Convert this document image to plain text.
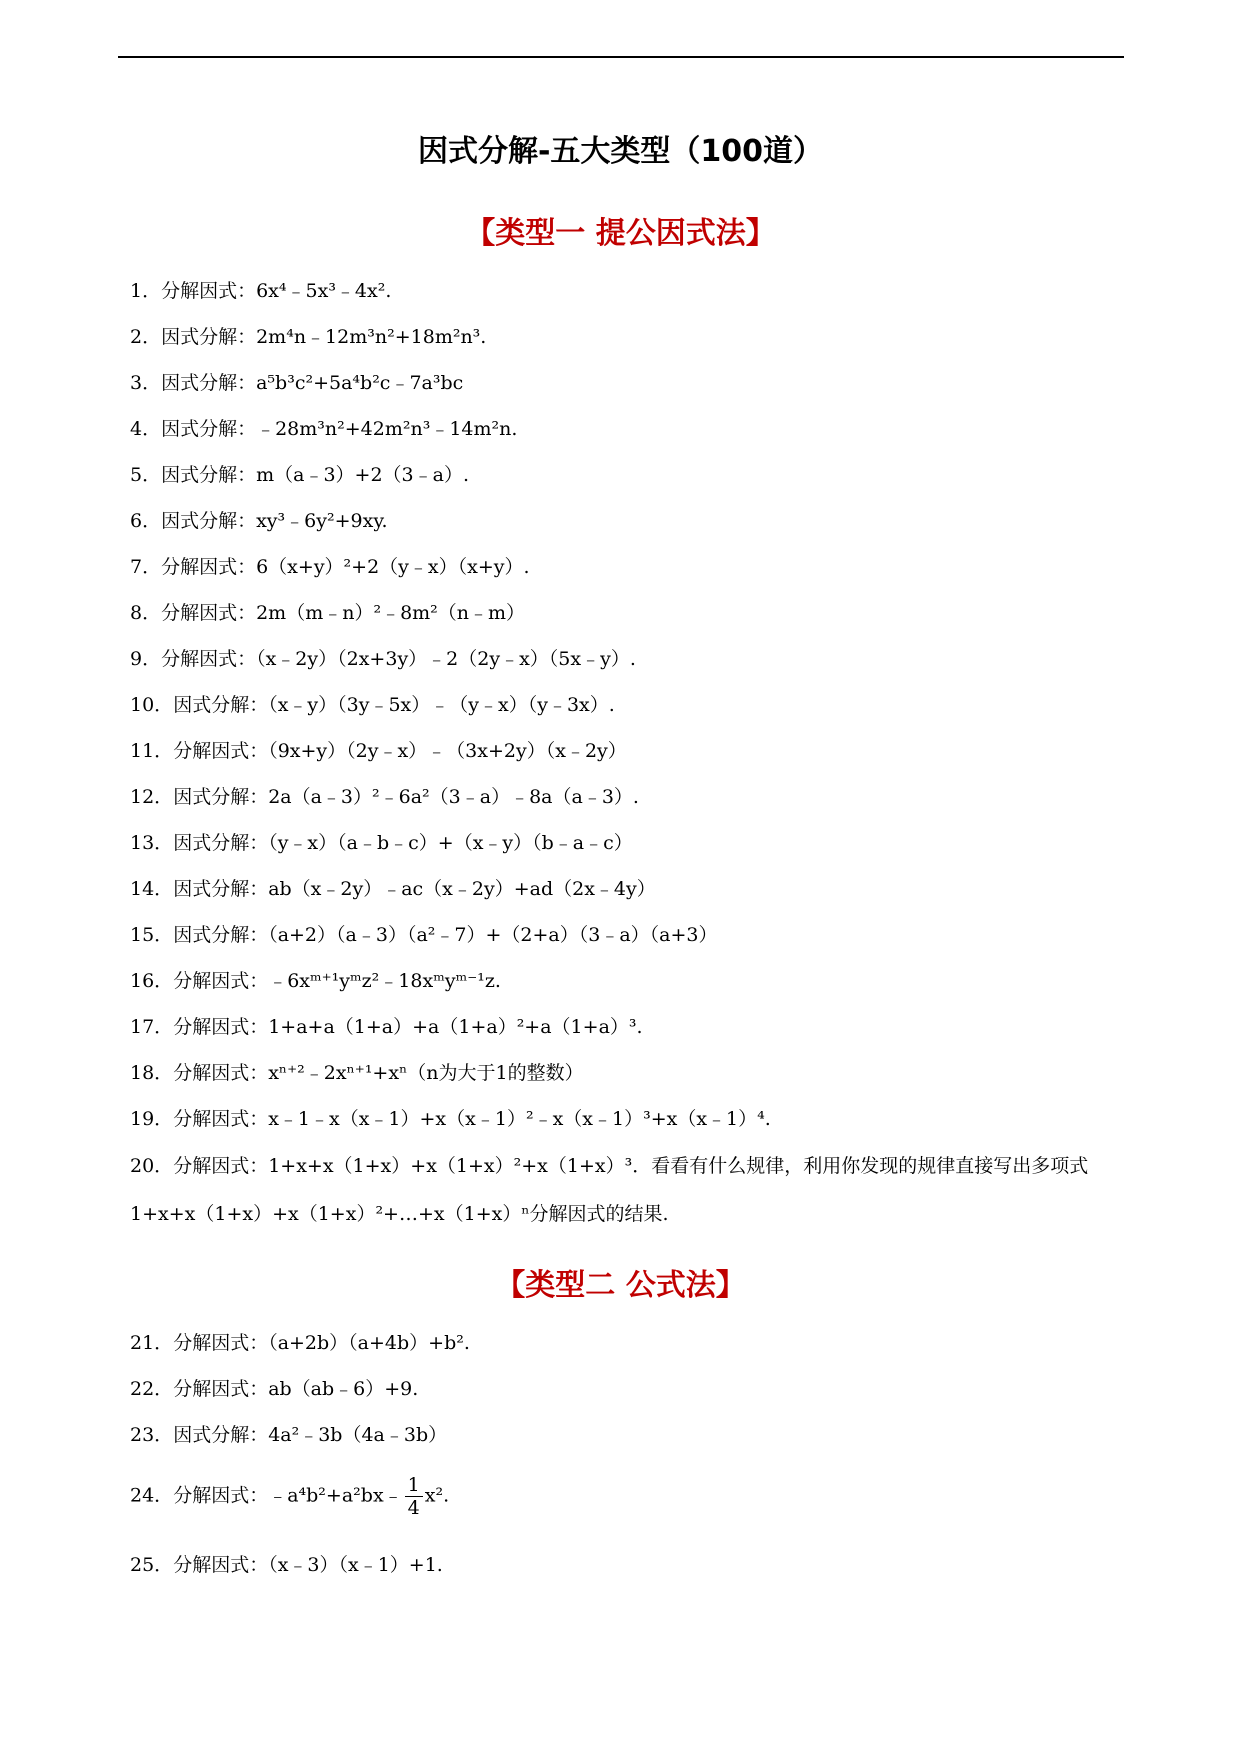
因式分解-五大类型（100道）
【类型一 提公因式法】
1．分解因式：6x⁴﹣5x³﹣4x².
2．因式分解：2m⁴n﹣12m³n²+18m²n³.
3．因式分解：a⁵b³c²+5a⁴b²c﹣7a³bc
4．因式分解：﹣28m³n²+42m²n³﹣14m²n.
5．因式分解：m（a﹣3）+2（3﹣a）.
6．因式分解：xy³﹣6y²+9xy.
7．分解因式：6（x+y）²+2（y﹣x）（x+y）.
8．分解因式：2m（m﹣n）²﹣8m²（n﹣m）
9．分解因式：（x﹣2y）（2x+3y）﹣2（2y﹣x）（5x﹣y）.
10．因式分解：（x﹣y）（3y﹣5x）﹣（y﹣x）（y﹣3x）.
11．分解因式：（9x+y）（2y﹣x）﹣（3x+2y）（x﹣2y）
12．因式分解：2a（a﹣3）²﹣6a²（3﹣a）﹣8a（a﹣3）.
13．因式分解：（y﹣x）（a﹣b﹣c）+（x﹣y）（b﹣a﹣c）
14．因式分解：ab（x﹣2y）﹣ac（x﹣2y）+ad（2x﹣4y）
15．因式分解：（a+2）（a﹣3）（a²﹣7）+（2+a）（3﹣a）（a+3）
16．分解因式：﹣6xᵐ⁺¹yᵐz²﹣18xᵐyᵐ⁻¹z.
17．分解因式：1+a+a（1+a）+a（1+a）²+a（1+a）³.
18．分解因式：xⁿ⁺²﹣2xⁿ⁺¹+xⁿ（n为大于1的整数）
19．分解因式：x﹣1﹣x（x﹣1）+x（x﹣1）²﹣x（x﹣1）³+x（x﹣1）⁴.
20．分解因式：1+x+x（1+x）+x（1+x）²+x（1+x）³．看看有什么规律，利用你发现的规律直接写出多项式 1+x+x（1+x）+x（1+x）²+…+x（1+x）ⁿ分解因式的结果.
【类型二 公式法】
21．分解因式：（a+2b）（a+4b）+b².
22．分解因式：ab（ab﹣6）+9.
23．因式分解：4a²﹣3b（4a﹣3b）
24．分解因式：﹣a⁴b²+a²bx﹣ $\frac{1}{4} x^2$.
25．分解因式：（x﹣3）（x﹣1）+1.
